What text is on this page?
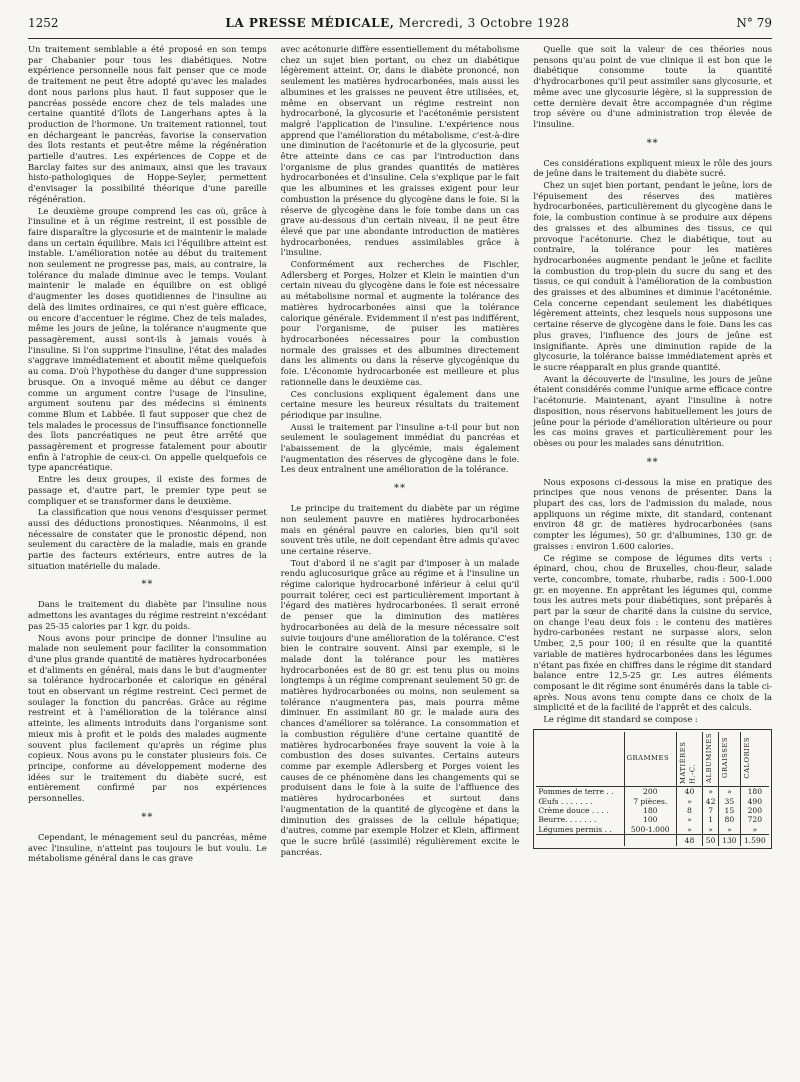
1252	LA PRESSE MÉDICALE, Mercredi, 3 Octobre 1928	N° 79

Un traitement semblable a été proposé en son temps par Chabanier pour tous les diabétiques. Notre expérience personnelle nous fait penser que ce mode de traitement ne peut être adopté qu'avec les malades dont nous parlons plus haut. Il faut supposer que le pancréas possède encore chez de tels malades une certaine quantité d'îlots de Langerhans aptes à la production de l'hormone. Un traitement rationnel, tout en déchargeant le pancréas, favorise la conservation des îlots restants et peut-être même la régénération partielle d'autres. Les expériences de Coppe et de Barclay faites sur des animaux, ainsi que les travaux histo-pathologiques de Hoppe-Seyler, permettent d'envisager la possibilité théorique d'une pareille régénération.

Le deuxième groupe comprend les cas où, grâce à l'insuline et à un régime restreint, il est possible de faire disparaître la glycosurie et de maintenir le malade dans un certain équilibre. Mais ici l'équilibre atteint est instable. L'amélioration notée au début du traitement non seulement ne progresse pas, mais, au contraire, la tolérance du malade diminue avec le temps. Voulant maintenir le malade en équilibre on est obligé d'augmenter les doses quotidiennes de l'insuline au delà des limites ordinaires, ce qui n'est guère efficace, ou encore d'accentuer le régime. Chez de tels malades, même les jours de jeûne, la tolérance n'augmente que passagèrement, aussi sont-ils à jamais voués à l'insuline. Si l'on supprime l'insuline, l'état des malades s'aggrave immédiatement et aboutit même quelquefois au coma. D'où l'hypothèse du danger d'une suppression brusque. On a invoqué même au début ce danger comme un argument contre l'usage de l'insuline, argument soutenu par des médecins si éminents comme Blum et Labbée. Il faut supposer que chez de tels malades le processus de l'insuffisance fonctionnelle des îlots pancréatiques ne peut être arrêté que passagèrement et progresse fatalement pour aboutir enfin à l'atrophie de ceux-ci. On appelle quelquefois ce type apancréatique.

Entre les deux groupes, il existe des formes de passage et, d'autre part, le premier type peut se compliquer et se transformer dans le deuxième.

La classification que nous venons d'esquisser permet aussi des déductions pronostiques. Néanmoins, il est nécessaire de constater que le pronostic dépend, non seulement du caractère de la maladie, mais en grande partie des facteurs extérieurs, entre autres de la situation matérielle du malade.

**

Dans le traitement du diabète par l'insuline nous admettons les avantages du régime restreint n'excédant pas 25-35 calories par 1 kgr. du poids.

Nous avons pour principe de donner l'insuline au malade non seulement pour faciliter la consommation d'une plus grande quantité de matières hydrocarbonées et d'aliments en général, mais dans le but d'augmenter sa tolérance hydrocarbonée et calorique en général tout en observant un régime restreint. Ceci permet de soulager la fonction du pancréas. Grâce au régime restreint et à l'amélioration de la tolérance ainsi atteinte, les aliments introduits dans l'organisme sont mieux mis à profit et le poids des malades augmente souvent plus facilement qu'après un régime plus copieux. Nous avons pu le constater plusieurs fois. Ce principe, conforme au développement moderne des idées sur le traitement du diabète sucré, est entièrement confirmé par nos expériences personnelles.

**

Cependant, le ménagement seul du pancréas, même avec l'insuline, n'atteint pas toujours le but voulu. Le métabolisme général dans le cas grave

avec acétonurie diffère essentiellement du métabolisme chez un sujet bien portant, ou chez un diabétique légèrement atteint. Or, dans le diabète prononcé, non seulement les matières hydrocarbonées, mais aussi les albumines et les graisses ne peuvent être utilisées, et, même en observant un régime restreint non hydrocarboné, la glycosurie et l'acétonémie persistent malgré l'application de l'insuline. L'expérience nous apprend que l'amélioration du métabolisme, c'est-à-dire une diminution de l'acétonurie et de la glycosurie, peut être atteinte dans ce cas par l'introduction dans l'organisme de plus grandes quantités de matières hydrocarbonées et d'insuline. Cela s'explique par le fait que les albumines et les graisses exigent pour leur combustion la présence du glycogène dans le foie. Si la réserve de glycogène dans le foie tombe dans un cas grave au-dessous d'un certain niveau, il ne peut être élevé que par une abondante introduction de matières hydrocarbonées, rendues assimilables grâce à l'insuline.

Conformément aux recherches de Fischler, Adlersberg et Porges, Holzer et Klein le maintien d'un certain niveau du glycogène dans le foie est nécessaire au métabolisme normal et augmente la tolérance des matières hydrocarbonées ainsi que la tolérance calorique générale. Evidemment il n'est pas indifférent, pour l'organisme, de puiser les matières hydrocarbonées nécessaires pour la combustion normale des graisses et des albumines directement dans les aliments ou dans la réserve glycogénique du foie. L'économie hydrocarbonée est meilleure et plus rationnelle dans le deuxième cas.

Ces conclusions expliquent également dans une certaine mesure les heureux résultats du traitement périodique par insuline.

Aussi le traitement par l'insuline a-t-il pour but non seulement le soulagement immédiat du pancréas et l'abaissement de la glycémie, mais également l'augmentation des réserves de glycogène dans le foie. Les deux entraînent une amélioration de la tolérance.

**

Le principe du traitement du diabète par un régime non seulement pauvre en matières hydrocarbonées mais en général pauvre en calories, bien qu'il soit souvent très utile, ne doit cependant être admis qu'avec une certaine réserve.

Tout d'abord il ne s'agit par d'imposer à un malade rendu aglucosurique grâce au régime et à l'insuline un régime calorique hydrocarboné inférieur à celui qu'il pourrait tolérer, ceci est particulièrement important à l'égard des matières hydrocarbonées. Il serait erroné de penser que la diminution des matières hydrocarbonées au delà de la mesure nécessaire soit suivie toujours d'une amélioration de la tolérance. C'est bien le contraire souvent. Ainsi par exemple, si le malade dont la tolérance pour les matières hydrocarbonées est de 80 gr. est tenu plus ou moins longtemps à un régime comprenant seulement 50 gr. de matières hydrocarbonées ou moins, non seulement sa tolérance n'augmentera pas, mais pourra même diminuer. En assimilant 80 gr. le malade aura des chances d'améliorer sa tolérance. La consommation et la combustion régulière d'une certaine quantité de matières hydrocarbonées fraye souvent la voie à la combustion des doses suivantes. Certains auteurs comme par exemple Adlersberg et Porges voient les causes de ce phénomène dans les changements qui se produisent dans le foie à la suite de l'affluence des matières hydrocarbonées et surtout dans l'augmentation de la quantité de glycogène et dans la diminution des graisses de la cellule hépatique; d'autres, comme par exemple Holzer et Klein, affirment que le sucre brûlé (assimilé) régulièrement excite le pancréas.

Quelle que soit la valeur de ces théories nous pensons qu'au point de vue clinique il est bon que le diabétique consomme toute la quantité d'hydrocarbones qu'il peut assimiler sans glycosurie, et même avec une glycosurie légère, si la suppression de cette dernière devait être accompagnée d'un régime trop sévère ou d'une administration trop élevée de l'insuline.

**

Ces considérations expliquent mieux le rôle des jours de jeûne dans le traitement du diabète sucré.

Chez un sujet bien portant, pendant le jeûne, lors de l'épuisement des réserves des matières hydrocarbonées, particulièrement du glycogène dans le foie, la combustion continue à se produire aux dépens des graisses et des albumines des tissus, ce qui provoque l'acétonurie. Chez le diabétique, tout au contraire, la tolérance pour les matières hydrocarbonées augmente pendant le jeûne et facilite la combustion du trop-plein du sucre du sang et des tissus, ce qui conduit à l'amélioration de la combustion des graisses et des albumines et diminue l'acétonémie. Cela concerne cependant seulement les diabétiques légèrement atteints, chez lesquels nous supposons une certaine réserve de glycogène dans le foie. Dans les cas plus graves, l'influence des jours de jeûne est insignifiante. Après une diminution rapide de la glycosurie, la tolérance baisse immédiatement après et le sucre réapparaît en plus grande quantité.

Avant la découverte de l'insuline, les jours de jeûne étaient considérés comme l'unique arme efficace contre l'acétonurie. Maintenant, ayant l'insuline à notre disposition, nous réservons habituellement les jours de jeûne pour la période d'amélioration ultérieure ou pour les cas moins graves et particulièrement pour les obèses ou pour les malades sans dénutrition.

**

Nous exposons ci-dessous la mise en pratique des principes que nous venons de présenter. Dans la plupart des cas, lors de l'admission du malade, nous appliquons un régime mixte, dit standard, contenant environ 48 gr. de matières hydrocarbonées (sans compter les légumes), 50 gr. d'albumines, 130 gr. de graisses : environ 1.600 calories.

Ce régime se compose de légumes dits verts : épinard, chou, chou de Bruxelles, chou-fleur, salade verte, concombre, tomate, rhubarbe, radis : 500-1.000 gr. en moyenne. En apprêtant les légumes qui, comme tous les autres mets pour diabétiques, sont préparés à part par la sœur de charité dans la cuisine du service, on change l'eau deux fois : le contenu des matières hydro-carbonées restant ne surpasse alors, selon Umber, 2,5 pour 100; il en résulte que la quantité variable de matières hydrocarbonées dans les légumes n'étant pas fixée en chiffres dans le régime dit standard balance entre 12,5-25 gr. Les autres éléments composant le dit régime sont énumérés dans la table ci-après. Nous avons tenu compte dans ce choix de la simplicité et de la facilité de l'apprêt et des calculs.

Le régime dit standard se compose :

	GRAMMES	MATIÈRES H.-C.	ALBUMINES	GRAISSES	CALORIES
Pommes de terre . .	200	40	»	»	180
Œufs . . . . . . .	7 pièces.	»	42	35	490
Crème douce . . . .	180	8	7	15	200
Beurre. . . . . . .	100	»	1	80	720
Légumes permis . .	500-1.000	»	»	»	»
		48	50	130	1.590
